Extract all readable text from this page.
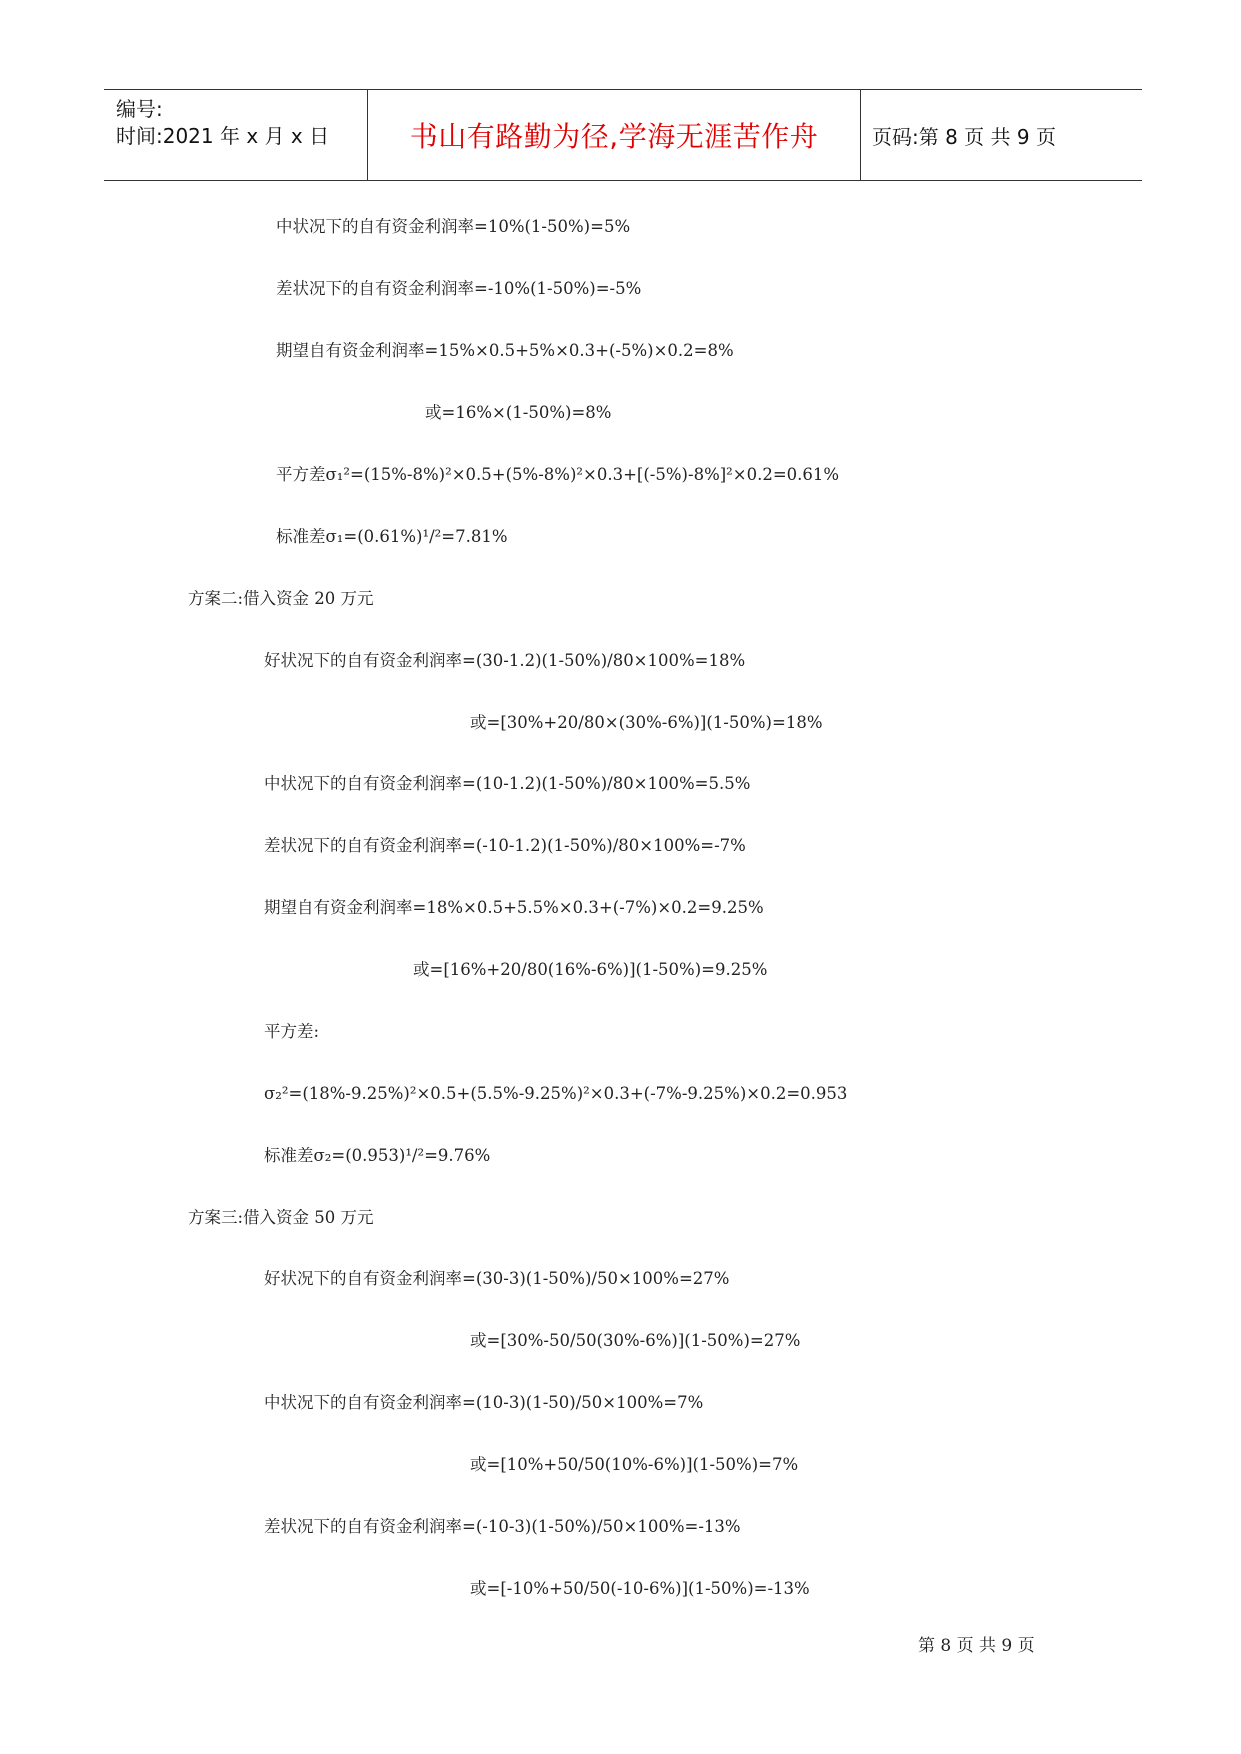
编号:
时间:2021 年 x 月 x 日	书山有路勤为径,学海无涯苦作舟	页码:第 8 页 共 9 页
中状况下的自有资金利润率=10%(1-50%)=5%
差状况下的自有资金利润率=-10%(1-50%)=-5%
期望自有资金利润率=15%×0.5+5%×0.3+(-5%)×0.2=8%
或=16%×(1-50%)=8%
平方差σ₁²=(15%-8%)²×0.5+(5%-8%)²×0.3+[(-5%)-8%]²×0.2=0.61%
标准差σ₁=(0.61%)¹/²=7.81%
方案二:借入资金 20 万元
好状况下的自有资金利润率=(30-1.2)(1-50%)/80×100%=18%
或=[30%+20/80×(30%-6%)](1-50%)=18%
中状况下的自有资金利润率=(10-1.2)(1-50%)/80×100%=5.5%
差状况下的自有资金利润率=(-10-1.2)(1-50%)/80×100%=-7%
期望自有资金利润率=18%×0.5+5.5%×0.3+(-7%)×0.2=9.25%
或=[16%+20/80(16%-6%)](1-50%)=9.25%
平方差:
σ₂²=(18%-9.25%)²×0.5+(5.5%-9.25%)²×0.3+(-7%-9.25%)×0.2=0.953
标准差σ₂=(0.953)¹/²=9.76%
方案三:借入资金 50 万元
好状况下的自有资金利润率=(30-3)(1-50%)/50×100%=27%
或=[30%-50/50(30%-6%)](1-50%)=27%
中状况下的自有资金利润率=(10-3)(1-50)/50×100%=7%
或=[10%+50/50(10%-6%)](1-50%)=7%
差状况下的自有资金利润率=(-10-3)(1-50%)/50×100%=-13%
或=[-10%+50/50(-10-6%)](1-50%)=-13%
第 8 页 共 9 页
